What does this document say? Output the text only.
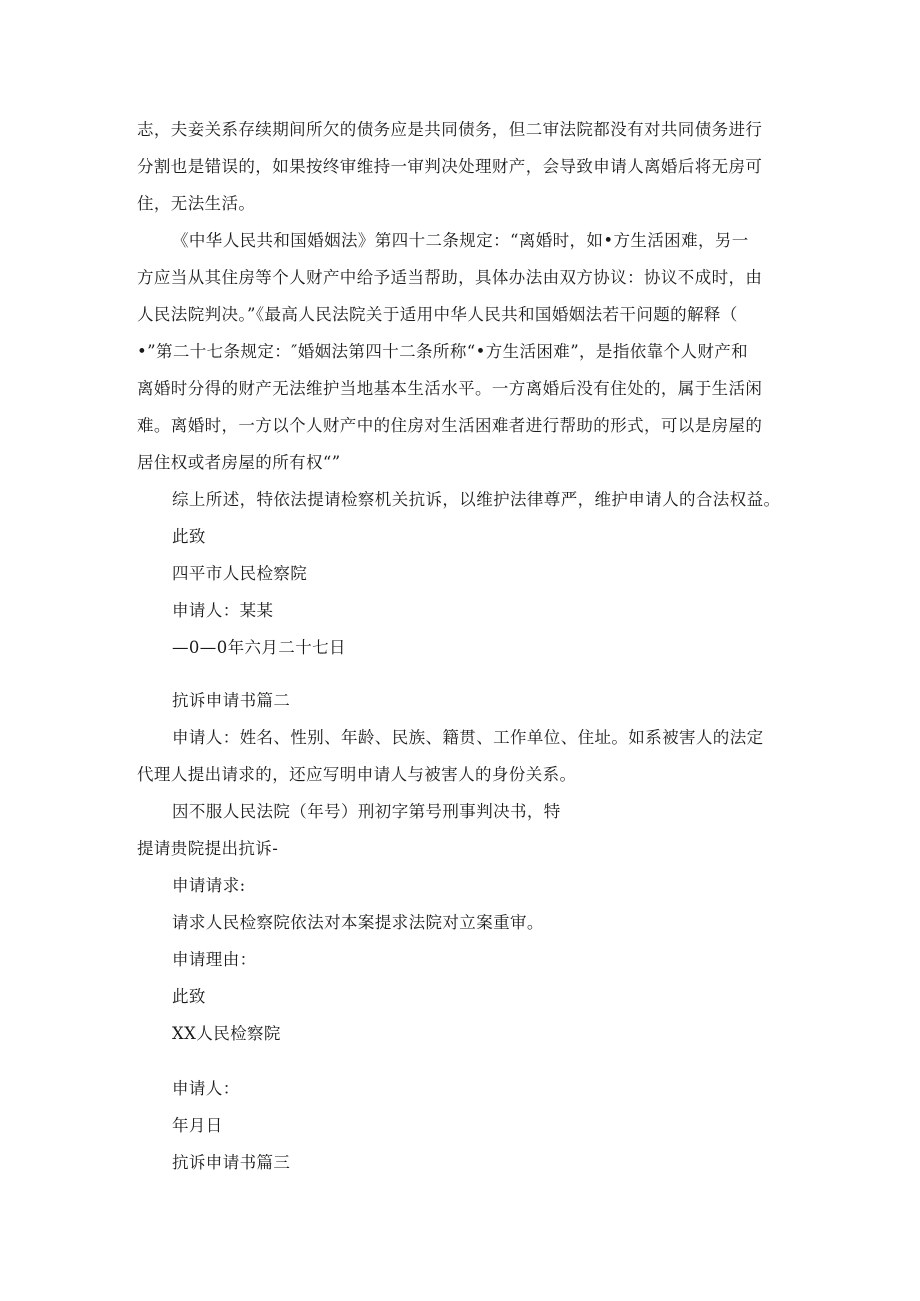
志，夫妾关系存续期间所欠的债务应是共同债务，但二审法院都没有对共同债务进行
分割也是错误的，如果按终审维持一审判决处理财产，会导致申请人离婚后将无房可
住，无法生活。
《中华人民共和国婚姻法》第四十二条规定：“离婚时，如•方生活困难，另一
方应当从其住房等个人财产中给予适当帮助，具体办法由双方协议：协议不成时，由
人民法院判决。”《最高人民法院关于适用中华人民共和国婚姻法若干问题的解释（
•”第二十七条规定：″婚姻法第四十二条所称“•方生活困难”，是指依靠个人财产和
离婚时分得的财产无法维护当地基本生活水平。一方离婚后没有住处的，属于生活闲
难。离婚时，一方以个人财产中的住房对生活困难者进行帮助的形式，可以是房屋的
居住权或者房屋的所有权“”
综上所述，特依法提请检察机关抗诉，以维护法律尊严，维护申请人的合法权益。
此致
四平市人民检察院
申请人：某某
—0—0年六月二十七日
抗诉申请书篇二
申请人：姓名、性别、年龄、民族、籍贯、工作单位、住址。如系被害人的法定
代理人提出请求的，还应写明申请人与被害人的身份关系。
因不服人民法院（年号）刑初字第号刑事判决书，特
提请贵院提出抗诉-
申请请求:
请求人民检察院依法对本案提求法院对立案重审。
申请理由：
此致
XX人民检察院
申请人：
年月日
抗诉申请书篇三
